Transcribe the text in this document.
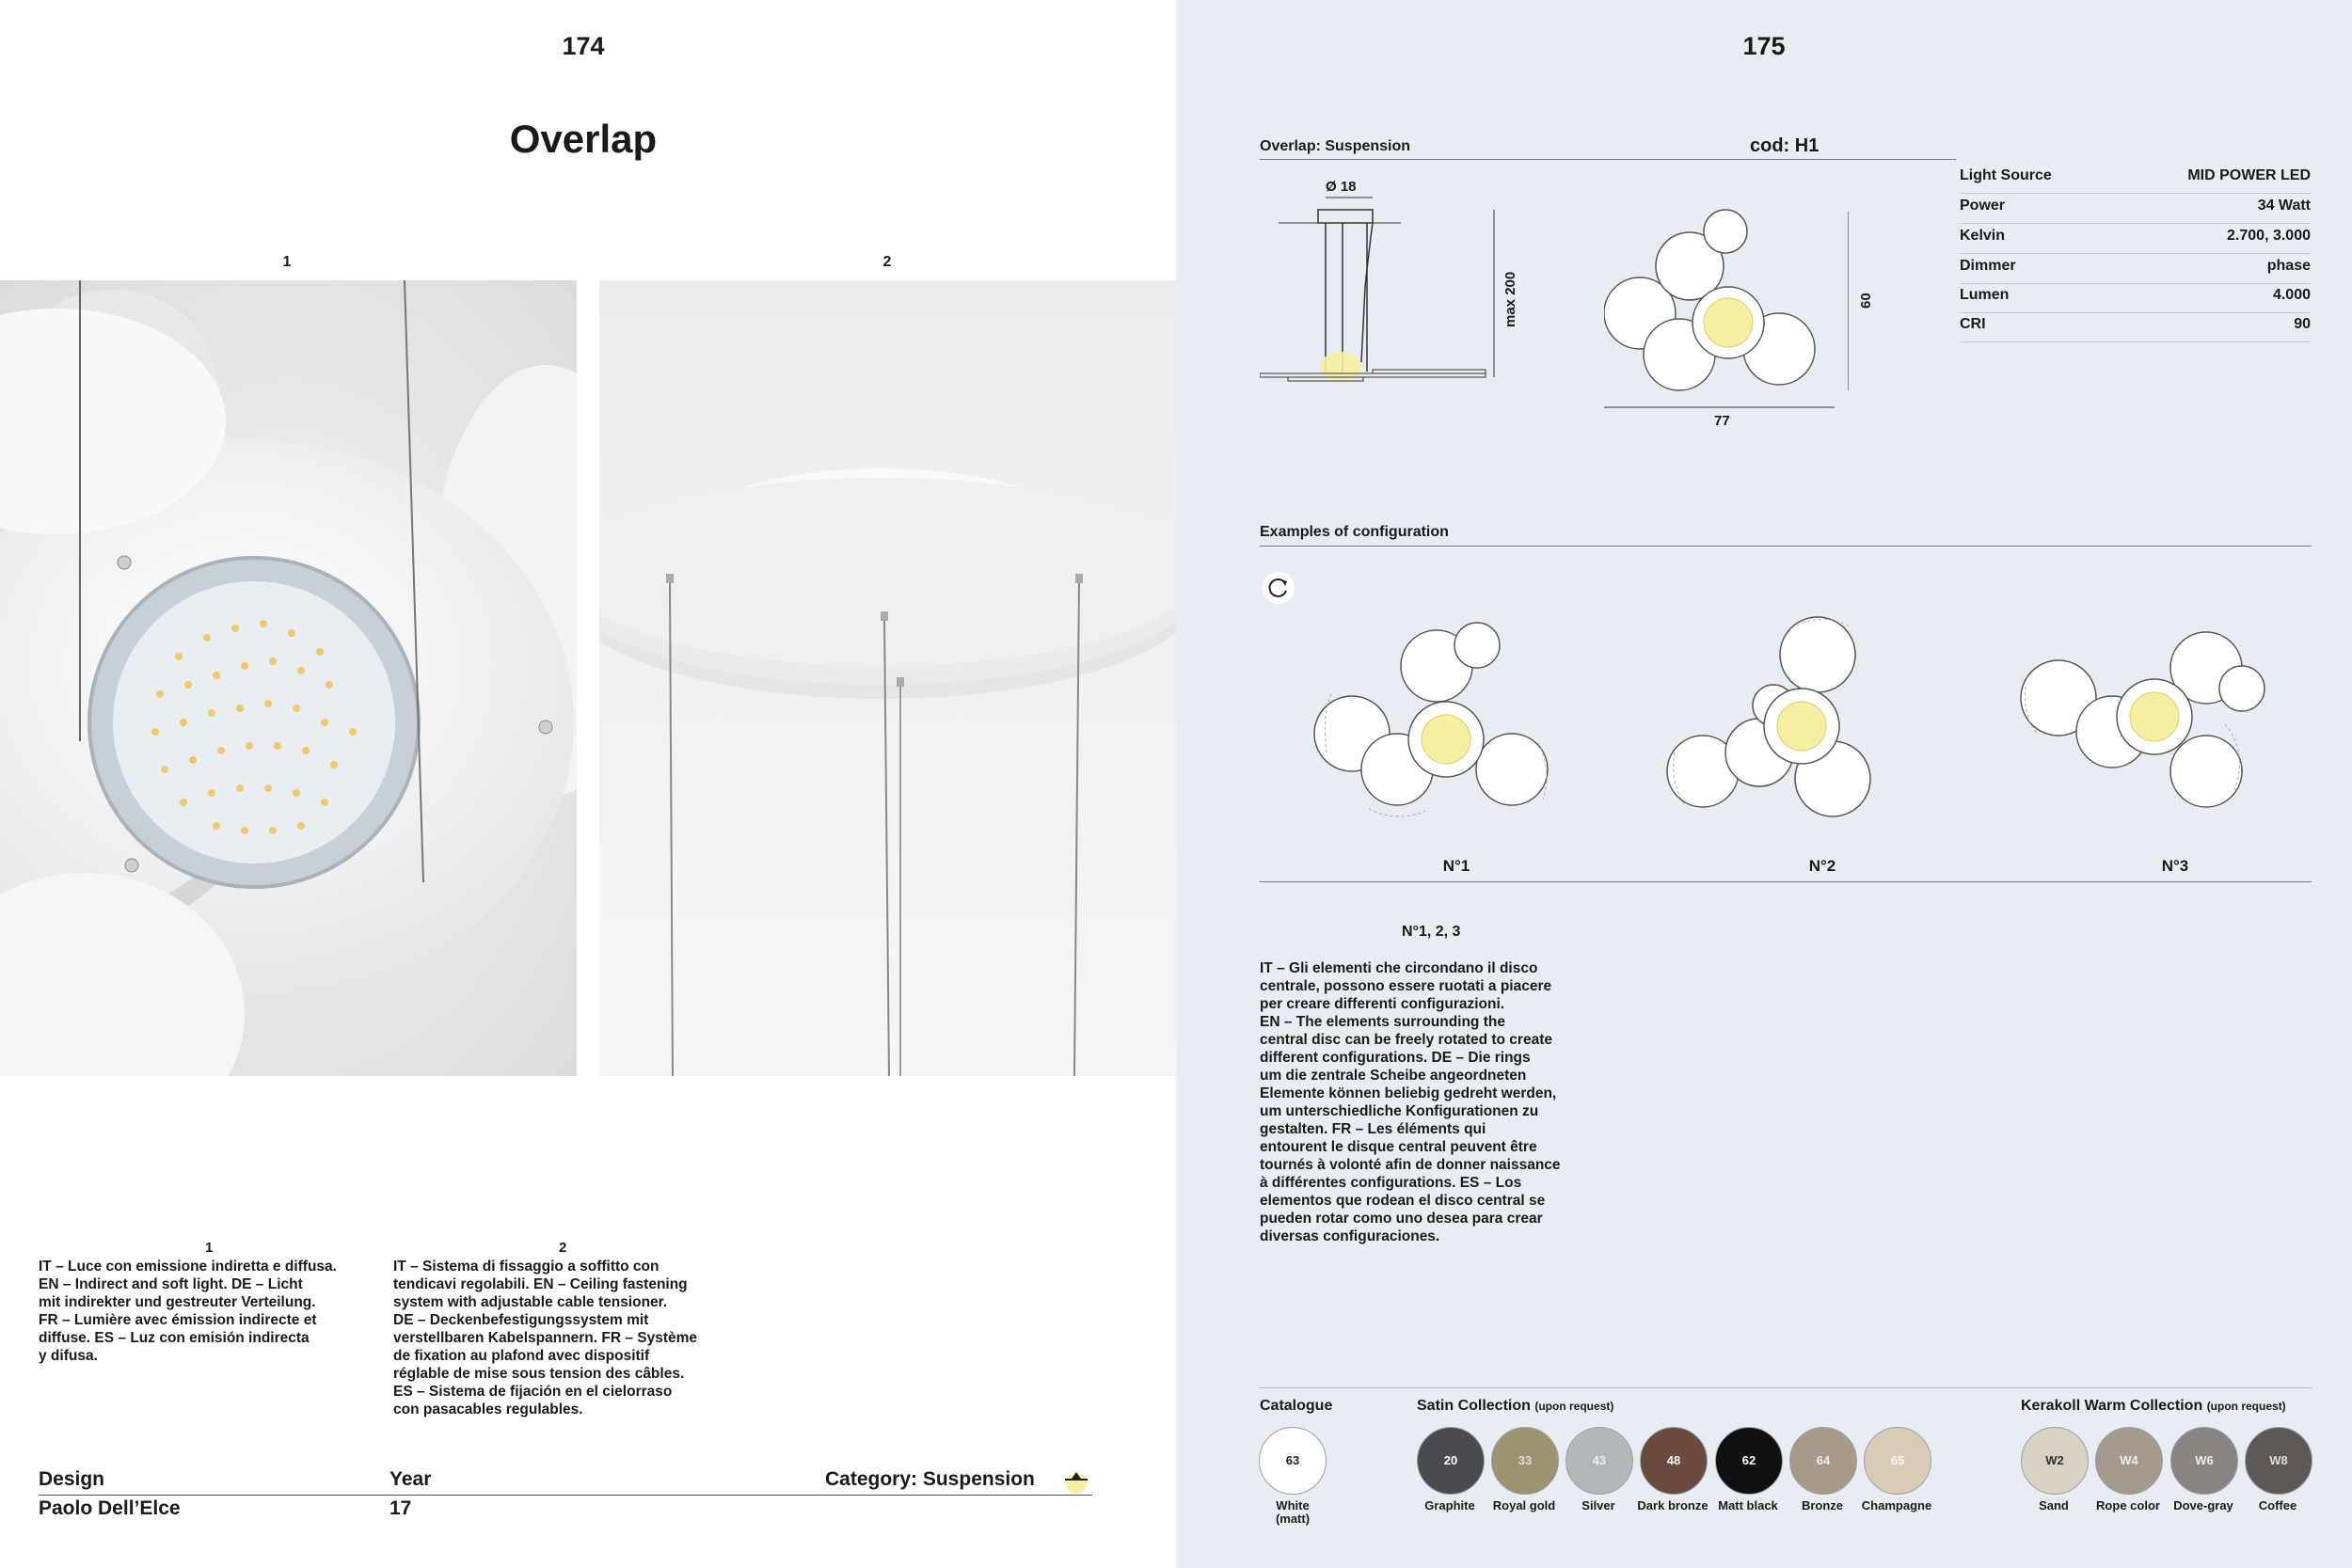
174
Overlap
1	2
1
IT – Luce con emissione indiretta e diffusa.
EN – Indirect and soft light. DE – Licht
mit indirekter und gestreuter Verteilung.
FR – Lumière avec émission indirecte et
diffuse. ES – Luz con emisión indirecta
y difusa.
2
IT – Sistema di fissaggio a soffitto con
tendicavi regolabili. EN – Ceiling fastening
system with adjustable cable tensioner.
DE – Deckenbefestigungssystem mit
verstellbaren Kabelspannern. FR – Système
de fixation au plafond avec dispositif
réglable de mise sous tension des câbles.
ES – Sistema de fijación en el cielorraso
con pasacables regulables.
Design	Year	Category: Suspension
Paolo Dell’Elce	17
175
Overlap: Suspension	cod: H1
Ø 18
max 200
77
60
Light Source	MID POWER LED
Power	34 Watt
Kelvin	2.700, 3.000
Dimmer	phase
Lumen	4.000
CRI	90
Examples of configuration
N°1	N°2	N°3
N°1, 2, 3
IT – Gli elementi che circondano il disco
centrale, possono essere ruotati a piacere
per creare differenti configurazioni.
EN – The elements surrounding the
central disc can be freely rotated to create
different configurations. DE – Die rings
um die zentrale Scheibe angeordneten
Elemente können beliebig gedreht werden,
um unterschiedliche Konfigurationen zu
gestalten. FR – Les éléments qui
entourent le disque central peuvent être
tournés à volonté afin de donner naissance
à différentes configurations. ES – Los
elementos que rodean el disco central se
pueden rotar como uno desea para crear
diversas configuraciones.
Catalogue
63
White
(matt)
Satin Collection (upon request)
20	33	43	48	62	64	65
Graphite	Royal gold	Silver	Dark bronze Matt black	Bronze	Champagne
Kerakoll Warm Collection (upon request)
W2	W4	W6	W8
Sand	Rope color	Dove-gray	Coffee
